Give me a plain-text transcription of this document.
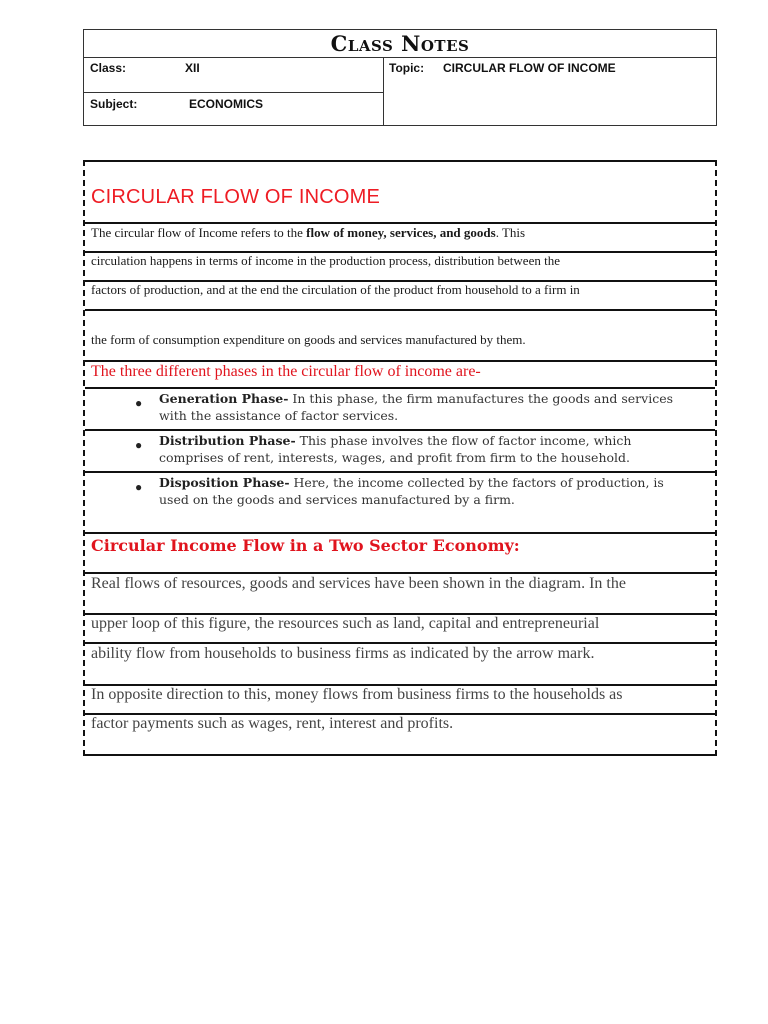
Class Notes
Class:	XII
Subject:	ECONOMICS
Topic: CIRCULAR FLOW OF INCOME
CIRCULAR FLOW OF INCOME
The circular flow of Income refers to the flow of money, services, and goods. This
circulation happens in terms of income in the production process, distribution between the
factors of production, and at the end the circulation of the product from household to a firm in
the form of consumption expenditure on goods and services manufactured by them.
The three different phases in the circular flow of income are-
● Generation Phase- In this phase, the firm manufactures the goods and services
with the assistance of factor services.
● Distribution Phase- This phase involves the flow of factor income, which
comprises of rent, interests, wages, and profit from firm to the household.
● Disposition Phase- Here, the income collected by the factors of production, is
used on the goods and services manufactured by a firm.
Circular Income Flow in a Two Sector Economy:
Real flows of resources, goods and services have been shown in the diagram. In the
upper loop of this figure, the resources such as land, capital and entrepreneurial
ability flow from households to business firms as indicated by the arrow mark.
In opposite direction to this, money flows from business firms to the households as
factor payments such as wages, rent, interest and profits.
